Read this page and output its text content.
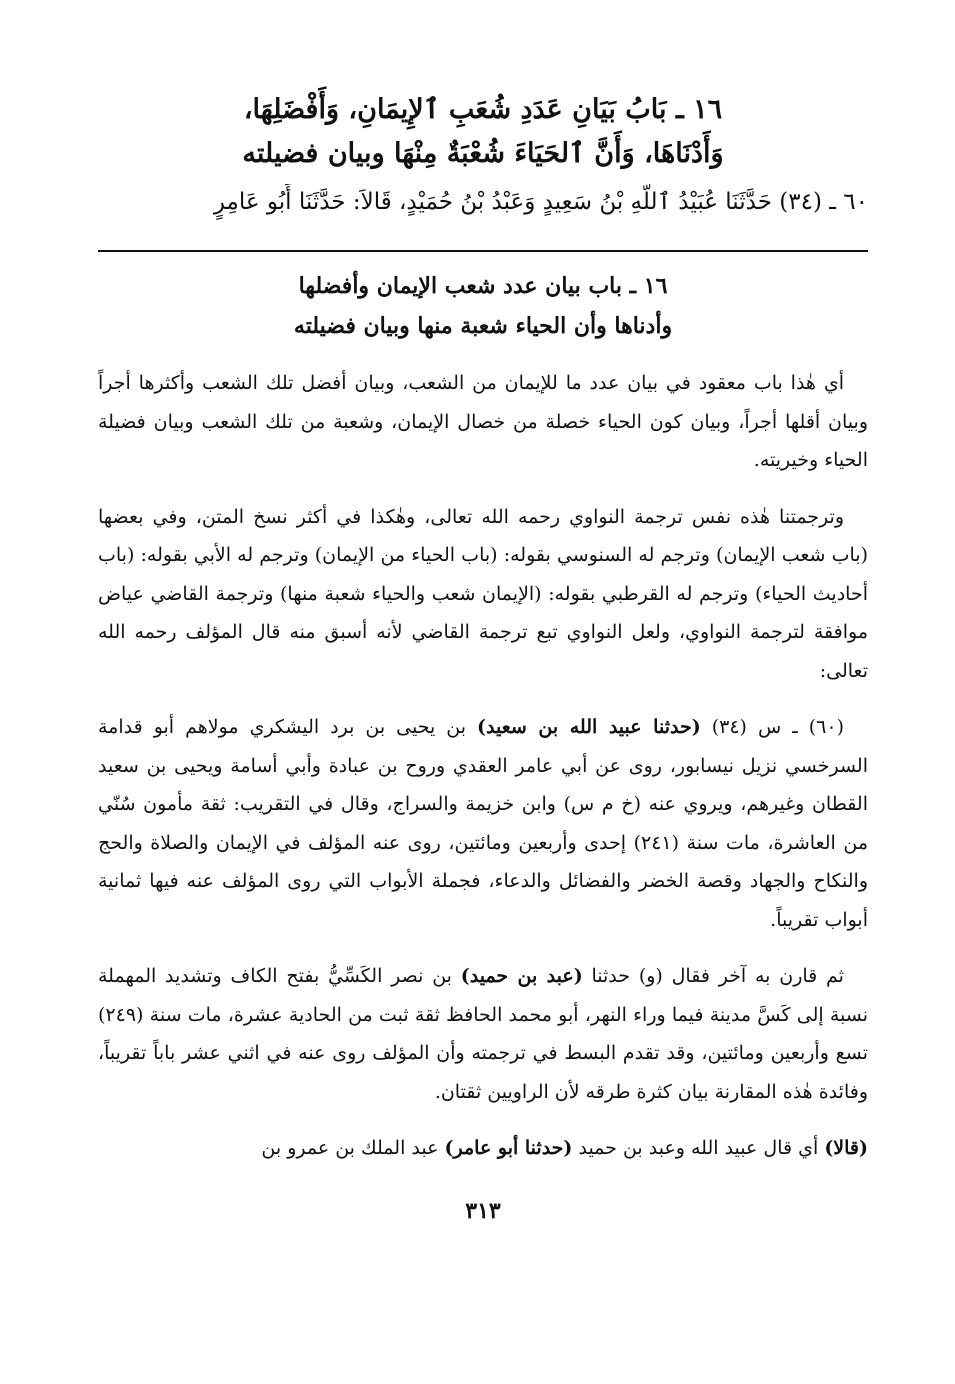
١٦ ـ بَابُ بَيَانِ عَدَدِ شُعَبِ ٱلإِيمَانِ، وَأَفْضَلِهَا،
وَأَدْنَاهَا، وَأَنَّ ٱلحَيَاءَ شُعْبَةٌ مِنْهَا وبيان فضيلته
٦٠ ـ (٣٤) حَدَّثَنَا عُبَيْدُ ٱللَّهِ بْنُ سَعِيدٍ وَعَبْدُ بْنُ حُمَيْدٍ، قَالاَ: حَدَّثَنَا أَبُو عَامِرٍ
١٦ ـ باب بيان عدد شعب الإيمان وأفضلها
وأدناها وأن الحياء شعبة منها وبيان فضيلته

أي هٰذا باب معقود في بيان عدد ما للإيمان من الشعب، وبيان أفضل تلك الشعب وأكثرها أجراً وبيان أقلها أجراً، وبيان كون الحياء خصلة من خصال الإيمان، وشعبة من تلك الشعب وبيان فضيلة الحياء وخيريته.

وترجمتنا هٰذه نفس ترجمة النواوي رحمه الله تعالى، وهٰكذا في أكثر نسخ المتن، وفي بعضها (باب شعب الإيمان) وترجم له السنوسي بقوله: (باب الحياء من الإيمان) وترجم له الأبي بقوله: (باب أحاديث الحياء) وترجم له القرطبي بقوله: (الإيمان شعب والحياء شعبة منها) وترجمة القاضي عياض موافقة لترجمة النواوي، ولعل النواوي تبع ترجمة القاضي لأنه أسبق منه قال المؤلف رحمه الله تعالى:

(٦٠) ـ س (٣٤) (حدثنا عبيد الله بن سعيد) بن يحيى بن برد اليشكري مولاهم أبو قدامة السرخسي نزيل نيسابور، روى عن أبي عامر العقدي وروح بن عبادة وأبي أسامة ويحيى بن سعيد القطان وغيرهم، ويروي عنه (خ م س) وابن خزيمة والسراج، وقال في التقريب: ثقة مأمون سُنّي من العاشرة، مات سنة (٢٤١) إحدى وأربعين ومائتين، روى عنه المؤلف في الإيمان والصلاة والحج والنكاح والجهاد وقصة الخضر والفضائل والدعاء، فجملة الأبواب التي روى المؤلف عنه فيها ثمانية أبواب تقريباً.

ثم قارن به آخر فقال (و) حدثنا (عبد بن حميد) بن نصر الكَسِّيُّ بفتح الكاف وتشديد المهملة نسبة إلى كَسَّ مدينة فيما وراء النهر، أبو محمد الحافظ ثقة ثبت من الحادية عشرة، مات سنة (٢٤٩) تسع وأربعين ومائتين، وقد تقدم البسط في ترجمته وأن المؤلف روى عنه في اثني عشر باباً تقريباً، وفائدة هٰذه المقارنة بيان كثرة طرقه لأن الراويين ثقتان.

(قالا) أي قال عبيد الله وعبد بن حميد (حدثنا أبو عامر) عبد الملك بن عمرو بن

٣١٣
